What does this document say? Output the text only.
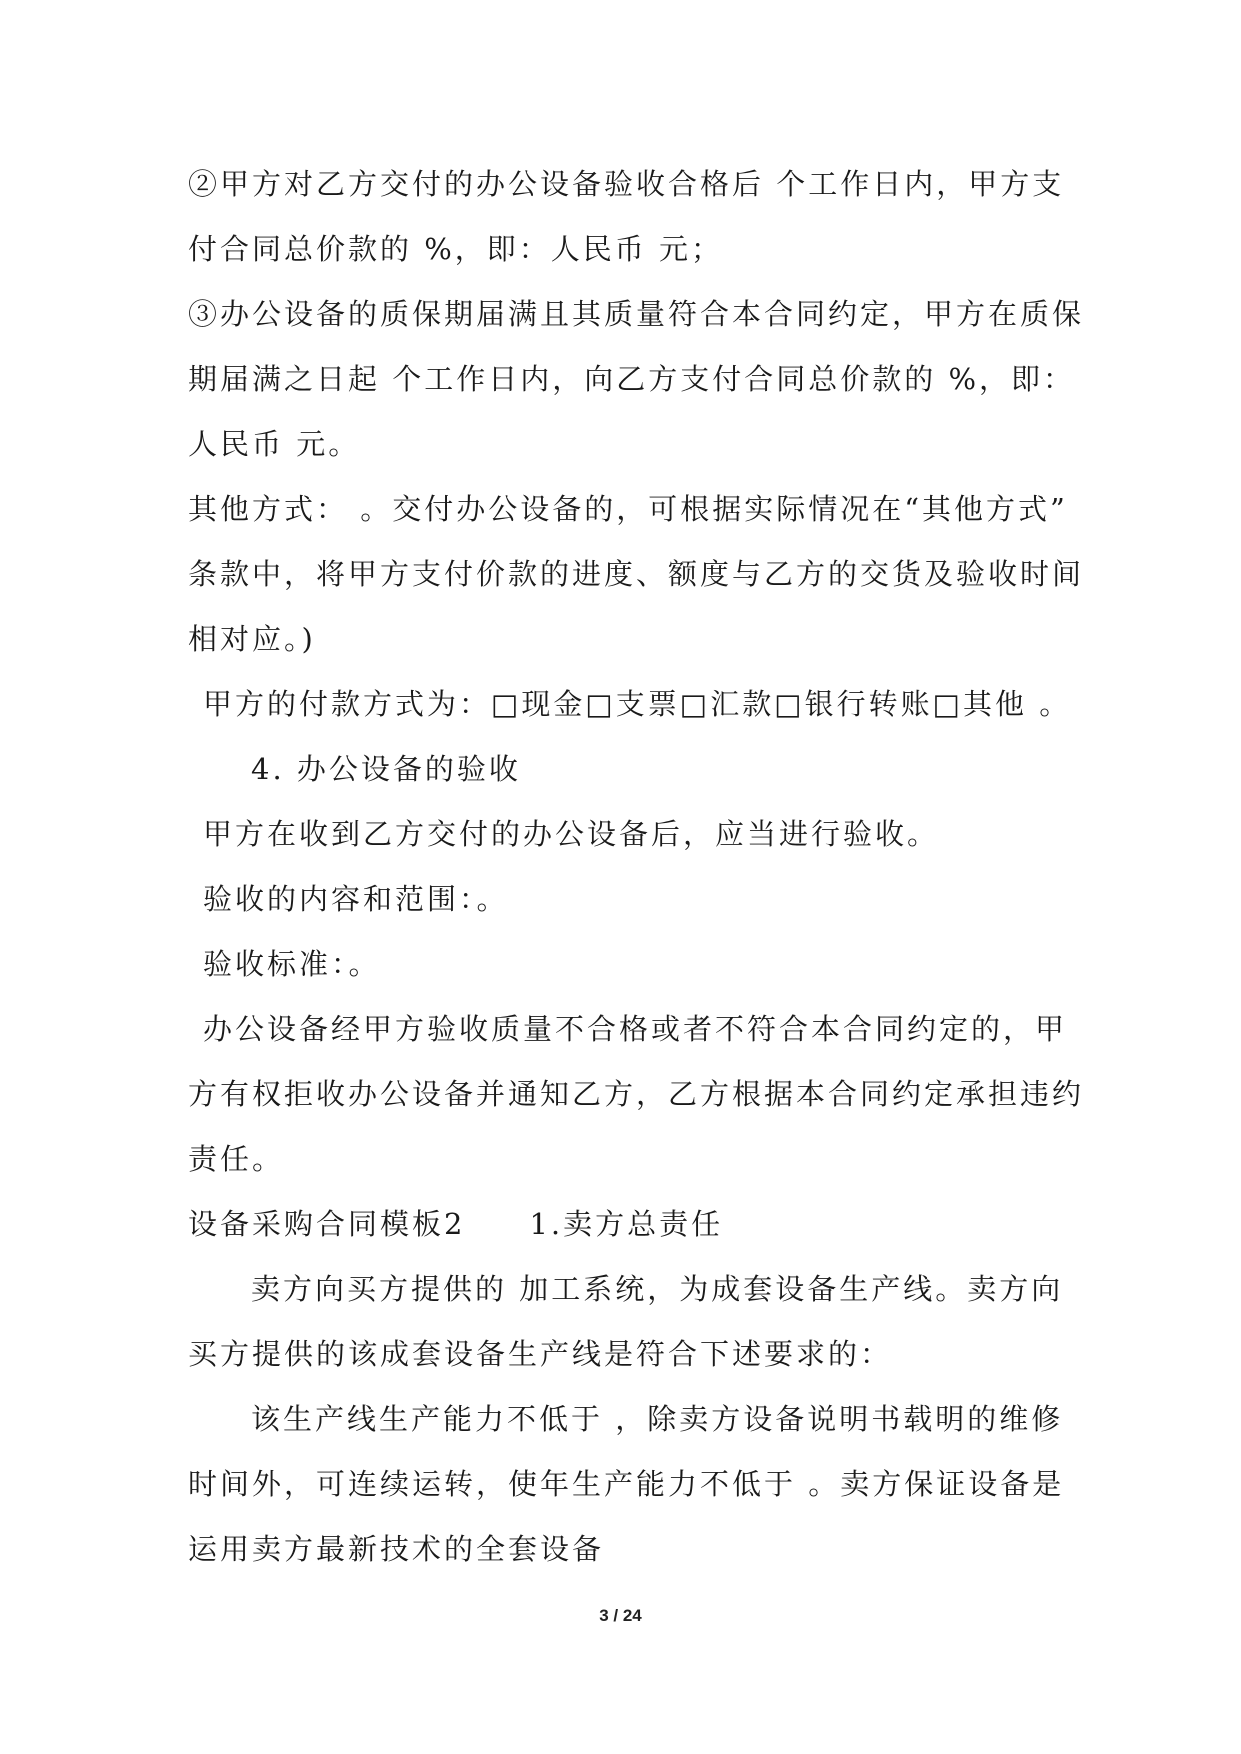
②甲方对乙方交付的办公设备验收合格后 个工作日内，甲方支
付合同总价款的 %，即：人民币 元；
③办公设备的质保期届满且其质量符合本合同约定，甲方在质保
期届满之日起 个工作日内，向乙方支付合同总价款的 %，即：
人民币 元。
其他方式： 。交付办公设备的，可根据实际情况在“其他方式”
条款中，将甲方支付价款的进度、额度与乙方的交货及验收时间
相对应。)
甲方的付款方式为：□现金□支票□汇款□银行转账□其他 。
4. 办公设备的验收
甲方在收到乙方交付的办公设备后，应当进行验收。
验收的内容和范围：。
验收标准：。
办公设备经甲方验收质量不合格或者不符合本合同约定的，甲
方有权拒收办公设备并通知乙方，乙方根据本合同约定承担违约
责任。
设备采购合同模板2　　1.卖方总责任
卖方向买方提供的 加工系统，为成套设备生产线。卖方向
买方提供的该成套设备生产线是符合下述要求的：
该生产线生产能力不低于 ，除卖方设备说明书载明的维修
时间外，可连续运转，使年生产能力不低于 。卖方保证设备是
运用卖方最新技术的全套设备
3 / 24
